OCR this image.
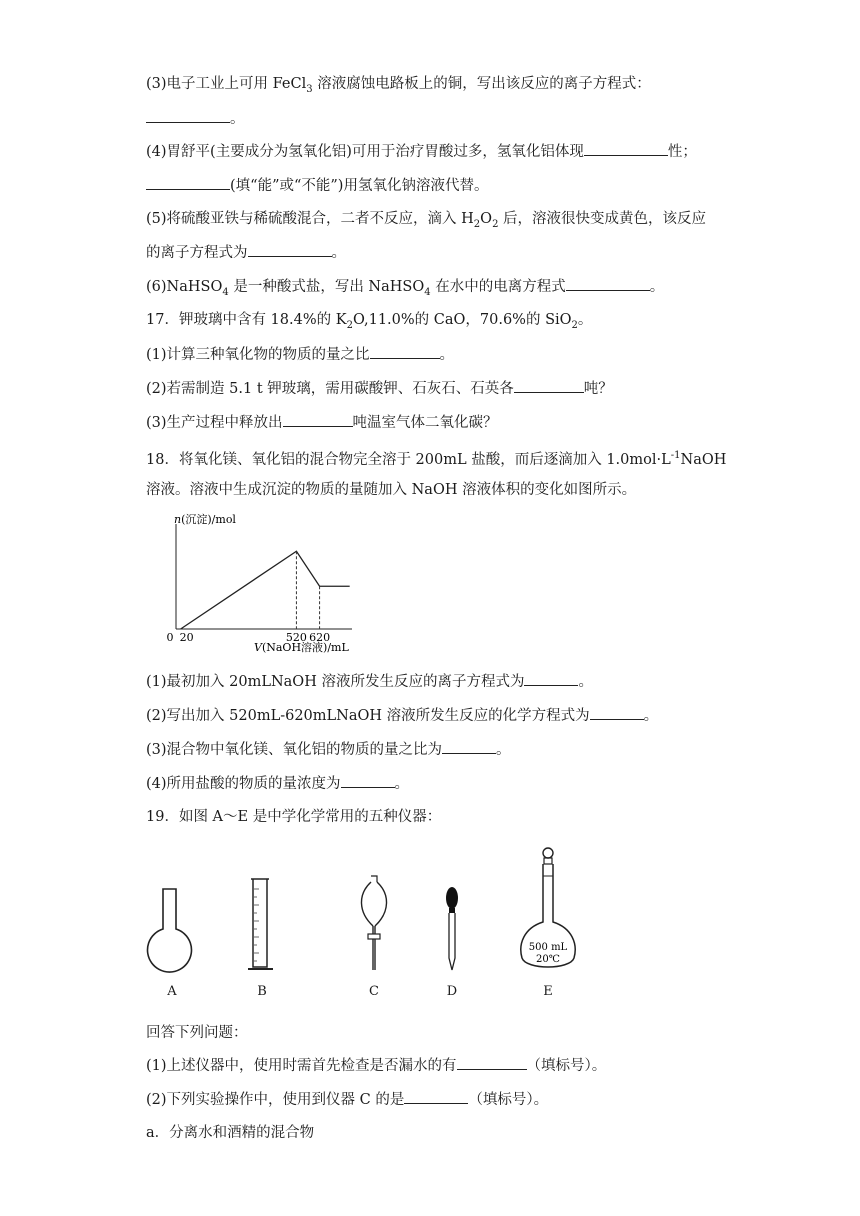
(3)电子工业上可用 FeCl$_3$ 溶液腐蚀电路板上的铜，写出该反应的离子方程式：
。
(4)胃舒平(主要成分为氢氧化铝)可用于治疗胃酸过多，氢氧化铝体现	性；
(填“能”或“不能”)用氢氧化钠溶液代替。
(5)将硫酸亚铁与稀硫酸混合，二者不反应，滴入 $H_2O_2$ 后，溶液很快变成黄色，该反应
的离子方程式为	。
(6)NaHSO$_4$ 是一种酸式盐，写出 NaHSO$_4$ 在水中的电离方程式	。
17．钾玻璃中含有 18.4%的 $K_2O,11.0\%$的 CaO，70.6%的 SiO$_2$。
(1)计算三种氧化物的物质的量之比	。
(2)若需制造 5.1 t 钾玻璃，需用碳酸钾、石灰石、石英各	吨？
(3)生产过程中释放出	吨温室气体二氧化碳？
18．将氧化镁、氧化铝的混合物完全溶于 200mL 盐酸，而后逐滴加入 $1.0mol\cdot L^{-1}NaOH$
溶液。溶液中生成沉淀的物质的量随加入 NaOH 溶液体积的变化如图所示。
n(沉淀)/mol
0 20	520 620
V(NaOH溶液)/mL
(1)最初加入 20mLNaOH 溶液所发生反应的离子方程式为	。
(2)写出加入 520mL-620mLNaOH 溶液所发生反应的化学方程式为	。
(3)混合物中氧化镁、氧化铝的物质的量之比为	。
(4)所用盐酸的物质的量浓度为	。
19．如图 A～E 是中学化学常用的五种仪器：
500 mL
20℃
A	B	C	D	E
回答下列问题：
(1)上述仪器中，使用时需首先检查是否漏水的有	（填标号）。
(2)下列实验操作中，使用到仪器 C 的是	（填标号）。
a．分离水和酒精的混合物
